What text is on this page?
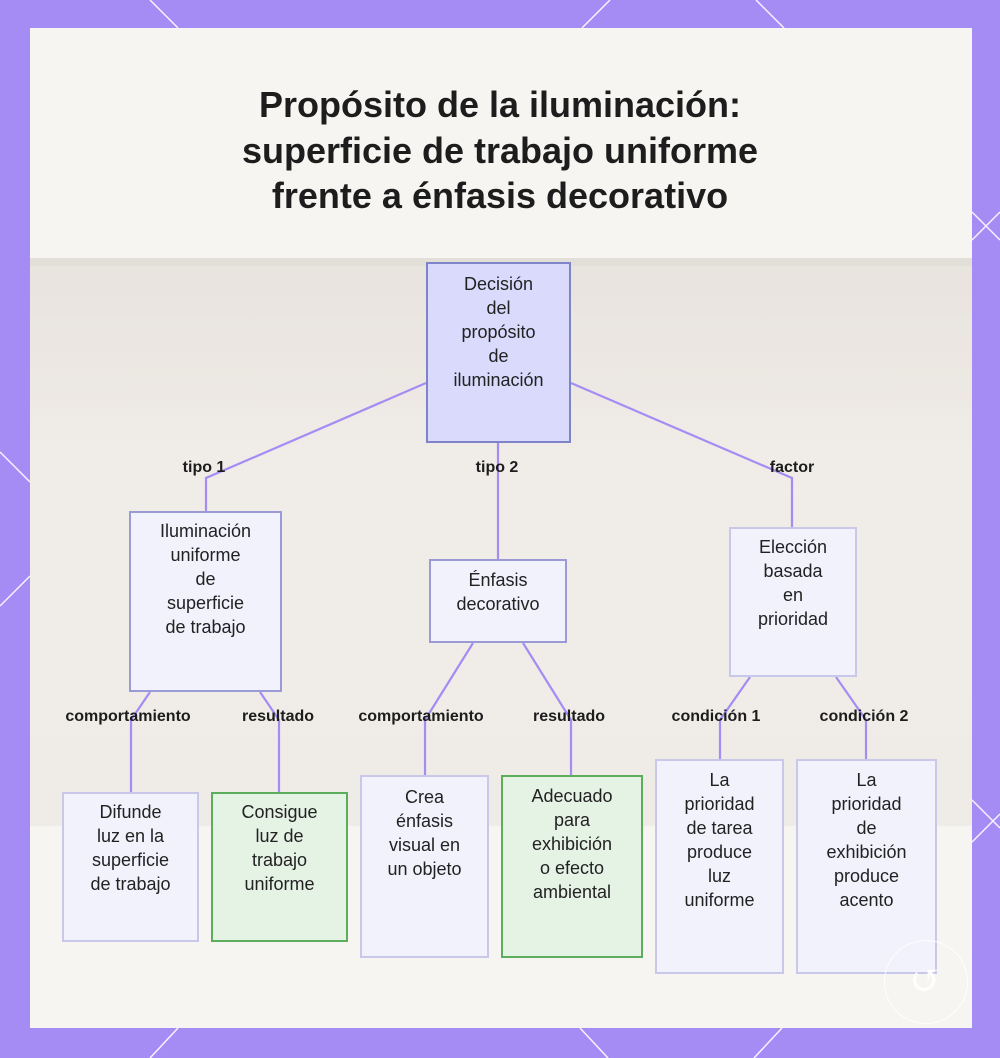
Propósito de la iluminación:
superficie de trabajo uniforme
frente a énfasis decorativo
tipo 1	tipo 2	factor
comportamiento	resultado	comportamiento	resultado	condición 1	condición 2
Decisión
del
propósito
de
iluminación
Iluminación
uniforme
de
superficie
de trabajo
Énfasis
decorativo
Elección
basada
en
prioridad
Difunde
luz en la
superficie
de trabajo
Consigue
luz de
trabajo
uniforme
Crea
énfasis
visual en
un objeto
Adecuado
para
exhibición
o efecto
ambiental
La
prioridad
de tarea
produce
luz
uniforme
La
prioridad
de
exhibición
produce
acento
↺
